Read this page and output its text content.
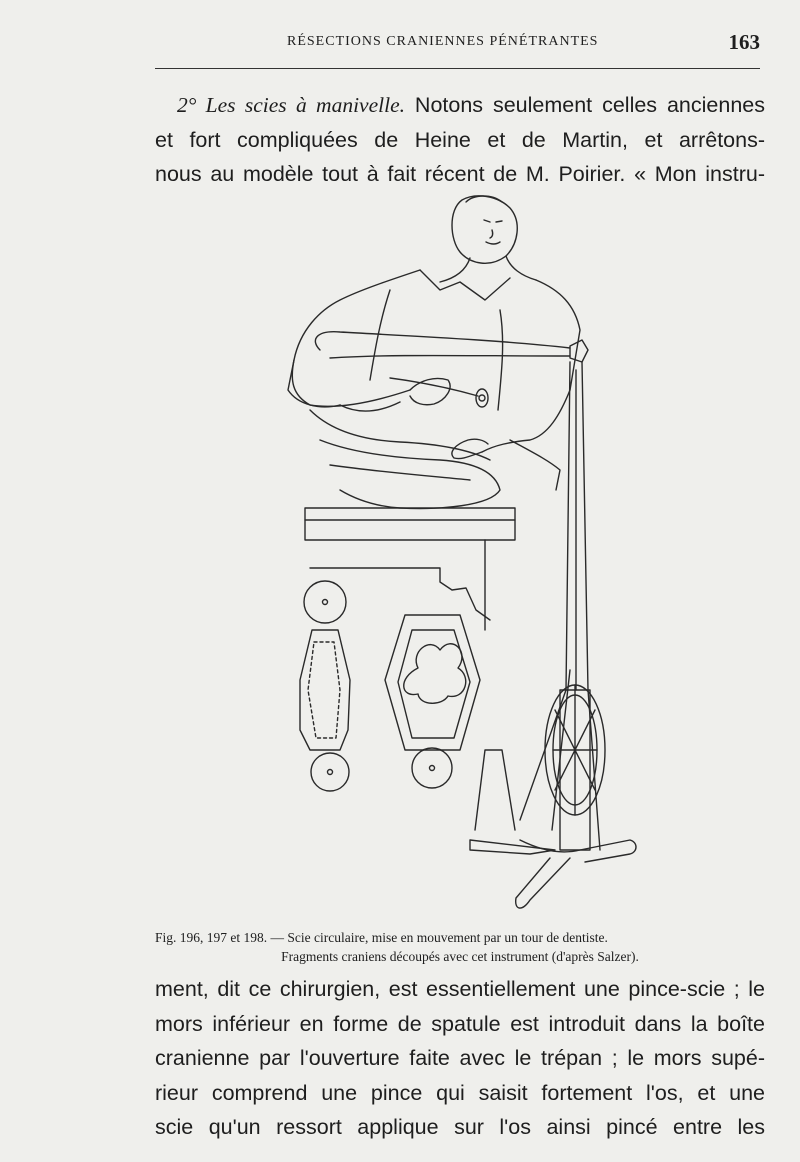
RÉSECTIONS CRANIENNES PÉNÉTRANTES	163
2° Les scies à manivelle. Notons seulement celles anciennes
et fort compliquées de Heine et de Martin, et arrêtons-
nous au modèle tout à fait récent de M. Poirier. « Mon instru-
Fig. 196, 197 et 198. — Scie circulaire, mise en mouvement par un tour de dentiste.
Fragments craniens découpés avec cet instrument (d'après Salzer).
ment, dit ce chirurgien, est essentiellement une pince-scie ; le
mors inférieur en forme de spatule est introduit dans la boîte
cranienne par l'ouverture faite avec le trépan ; le mors supé-
rieur comprend une pince qui saisit fortement l'os, et une
scie qu'un ressort applique sur l'os ainsi pincé entre les
